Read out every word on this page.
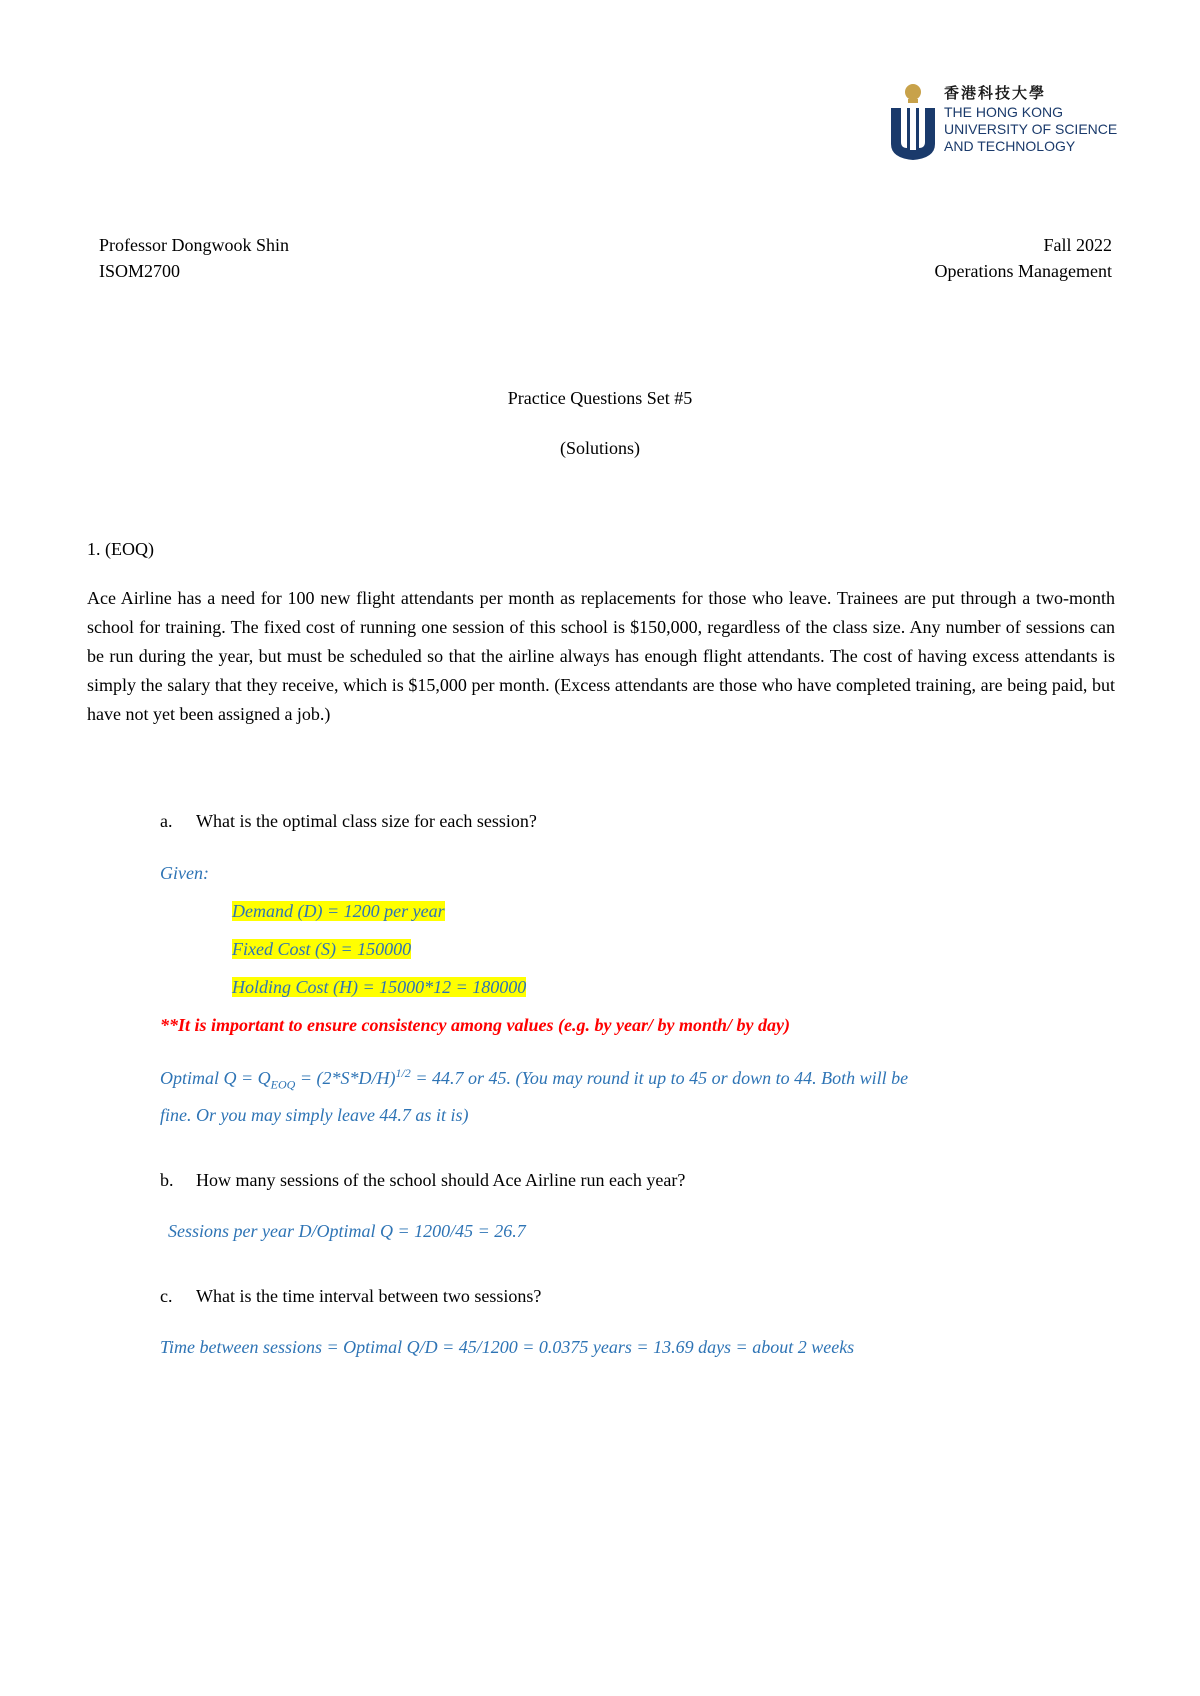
香港科技大學
THE HONG KONG
UNIVERSITY OF SCIENCE
AND TECHNOLOGY
Professor Dongwook Shin
ISOM2700
Fall 2022
Operations Management
Practice Questions Set #5
(Solutions)
1. (EOQ)
Ace Airline has a need for 100 new flight attendants per month as replacements for those who leave. Trainees are put through a two-month school for training. The fixed cost of running one session of this school is $150,000, regardless of the class size. Any number of sessions can be run during the year, but must be scheduled so that the airline always has enough flight attendants. The cost of having excess attendants is simply the salary that they receive, which is $15,000 per month. (Excess attendants are those who have completed training, are being paid, but have not yet been assigned a job.)
a. What is the optimal class size for each session?
Given:
Demand (D) = 1200 per year
Fixed Cost (S) = 150000
Holding Cost (H) = 15000*12 = 180000
**It is important to ensure consistency among values (e.g. by year/ by month/ by day)
Optimal $Q = Q_{EOQ} = (2*S*D/H)^{1/2} = 44.7$ or 45. (You may round it up to 45 or down to 44. Both will be
fine. Or you may simply leave 44.7 as it is)
b. How many sessions of the school should Ace Airline run each year?
Sessions per year D/Optimal Q = 1200/45 = 26.7
c. What is the time interval between two sessions?
Time between sessions = Optimal Q/D = 45/1200 = 0.0375 years = 13.69 days = about 2 weeks
